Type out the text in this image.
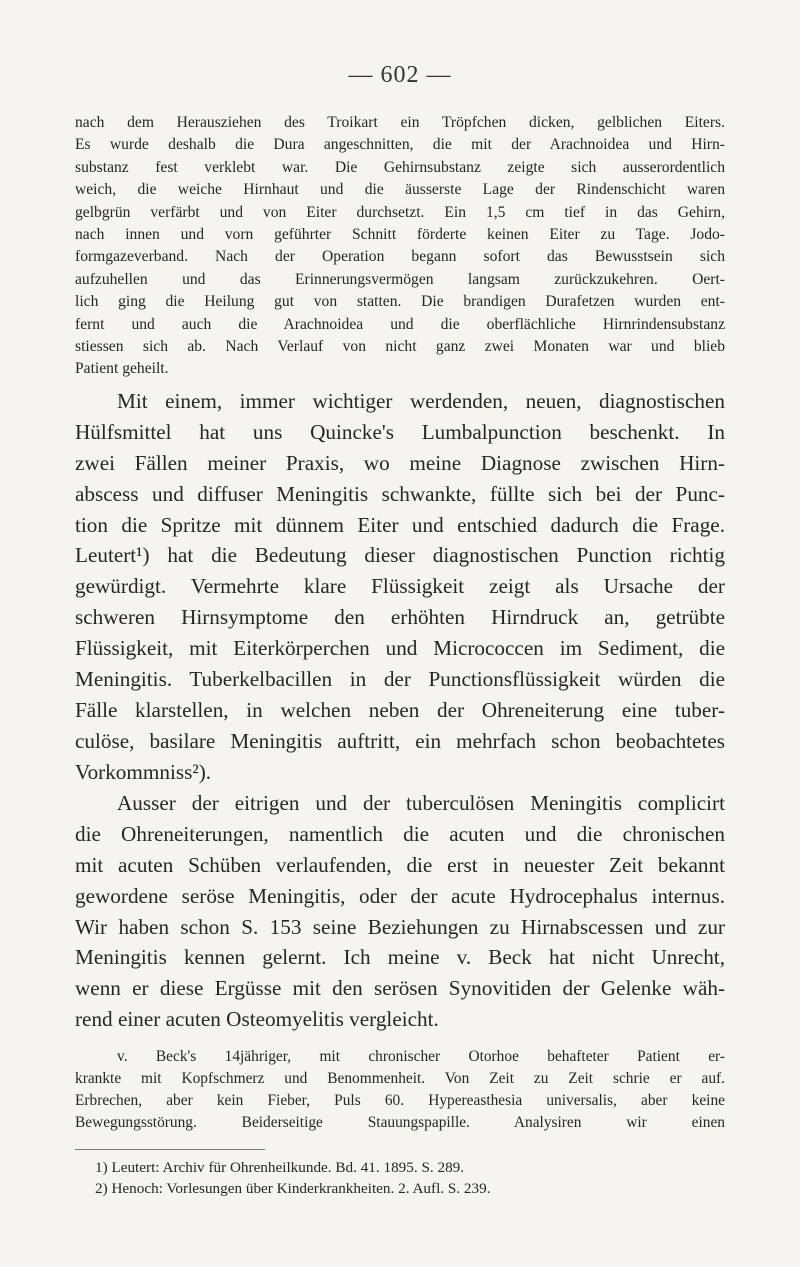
— 602 —
nach dem Herausziehen des Troikart ein Tröpfchen dicken, gelblichen Eiters.
Es wurde deshalb die Dura angeschnitten, die mit der Arachnoidea und Hirn-
substanz fest verklebt war. Die Gehirnsubstanz zeigte sich ausserordentlich
weich, die weiche Hirnhaut und die äusserste Lage der Rindenschicht waren
gelbgrün verfärbt und von Eiter durchsetzt. Ein 1,5 cm tief in das Gehirn,
nach innen und vorn geführter Schnitt förderte keinen Eiter zu Tage. Jodo-
formgazeverband. Nach der Operation begann sofort das Bewusstsein sich
aufzuhellen und das Erinnerungsvermögen langsam zurückzukehren. Oert-
lich ging die Heilung gut von statten. Die brandigen Durafetzen wurden ent-
fernt und auch die Arachnoidea und die oberflächliche Hirnrindensubstanz
stiessen sich ab. Nach Verlauf von nicht ganz zwei Monaten war und blieb
Patient geheilt.
Mit einem, immer wichtiger werdenden, neuen, diagnostischen
Hülfsmittel hat uns Quincke's Lumbalpunction beschenkt. In
zwei Fällen meiner Praxis, wo meine Diagnose zwischen Hirn-
abscess und diffuser Meningitis schwankte, füllte sich bei der Punc-
tion die Spritze mit dünnem Eiter und entschied dadurch die Frage.
Leutert¹) hat die Bedeutung dieser diagnostischen Punction richtig
gewürdigt. Vermehrte klare Flüssigkeit zeigt als Ursache der
schweren Hirnsymptome den erhöhten Hirndruck an, getrübte
Flüssigkeit, mit Eiterkörperchen und Micrococcen im Sediment, die
Meningitis. Tuberkelbacillen in der Punctionsflüssigkeit würden die
Fälle klarstellen, in welchen neben der Ohreneiterung eine tuber-
culöse, basilare Meningitis auftritt, ein mehrfach schon beobachtetes
Vorkommniss²).
Ausser der eitrigen und der tuberculösen Meningitis complicirt
die Ohreneiterungen, namentlich die acuten und die chronischen
mit acuten Schüben verlaufenden, die erst in neuester Zeit bekannt
gewordene seröse Meningitis, oder der acute Hydrocephalus internus.
Wir haben schon S. 153 seine Beziehungen zu Hirnabscessen und zur
Meningitis kennen gelernt. Ich meine v. Beck hat nicht Unrecht,
wenn er diese Ergüsse mit den serösen Synovitiden der Gelenke wäh-
rend einer acuten Osteomyelitis vergleicht.
v. Beck's 14jähriger, mit chronischer Otorhoe behafteter Patient er-
krankte mit Kopfschmerz und Benommenheit. Von Zeit zu Zeit schrie er auf.
Erbrechen, aber kein Fieber, Puls 60. Hypereasthesia universalis, aber keine
Bewegungsstörung. Beiderseitige Stauungspapille. Analysiren wir einen
1) Leutert: Archiv für Ohrenheilkunde. Bd. 41. 1895. S. 289.
2) Henoch: Vorlesungen über Kinderkrankheiten. 2. Aufl. S. 239.
